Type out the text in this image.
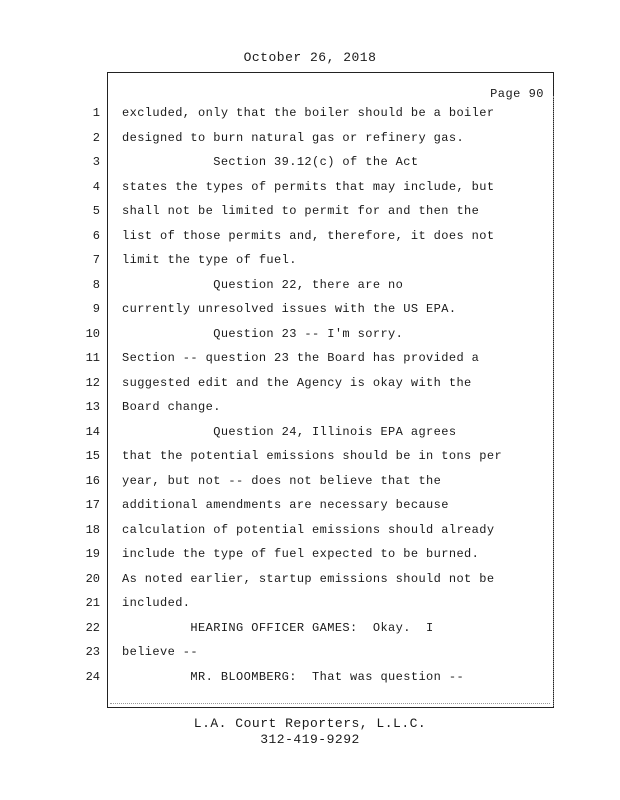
October 26, 2018
Page 90
1
2
3
4
5
6
7
8
9
10
11
12
13
14
15
16
17
18
19
20
21
22
23
24
excluded, only that the boiler should be a boiler
designed to burn natural gas or refinery gas.
Section 39.12(c) of the Act
states the types of permits that may include, but
shall not be limited to permit for and then the
list of those permits and, therefore, it does not
limit the type of fuel.
Question 22, there are no
currently unresolved issues with the US EPA.
Question 23 -- I'm sorry.
Section -- question 23 the Board has provided a
suggested edit and the Agency is okay with the
Board change.
Question 24, Illinois EPA agrees
that the potential emissions should be in tons per
year, but not -- does not believe that the
additional amendments are necessary because
calculation of potential emissions should already
include the type of fuel expected to be burned.
As noted earlier, startup emissions should not be
included.
HEARING OFFICER GAMES:  Okay.  I
believe --
MR. BLOOMBERG:  That was question --
L.A. Court Reporters, L.L.C.
312-419-9292
